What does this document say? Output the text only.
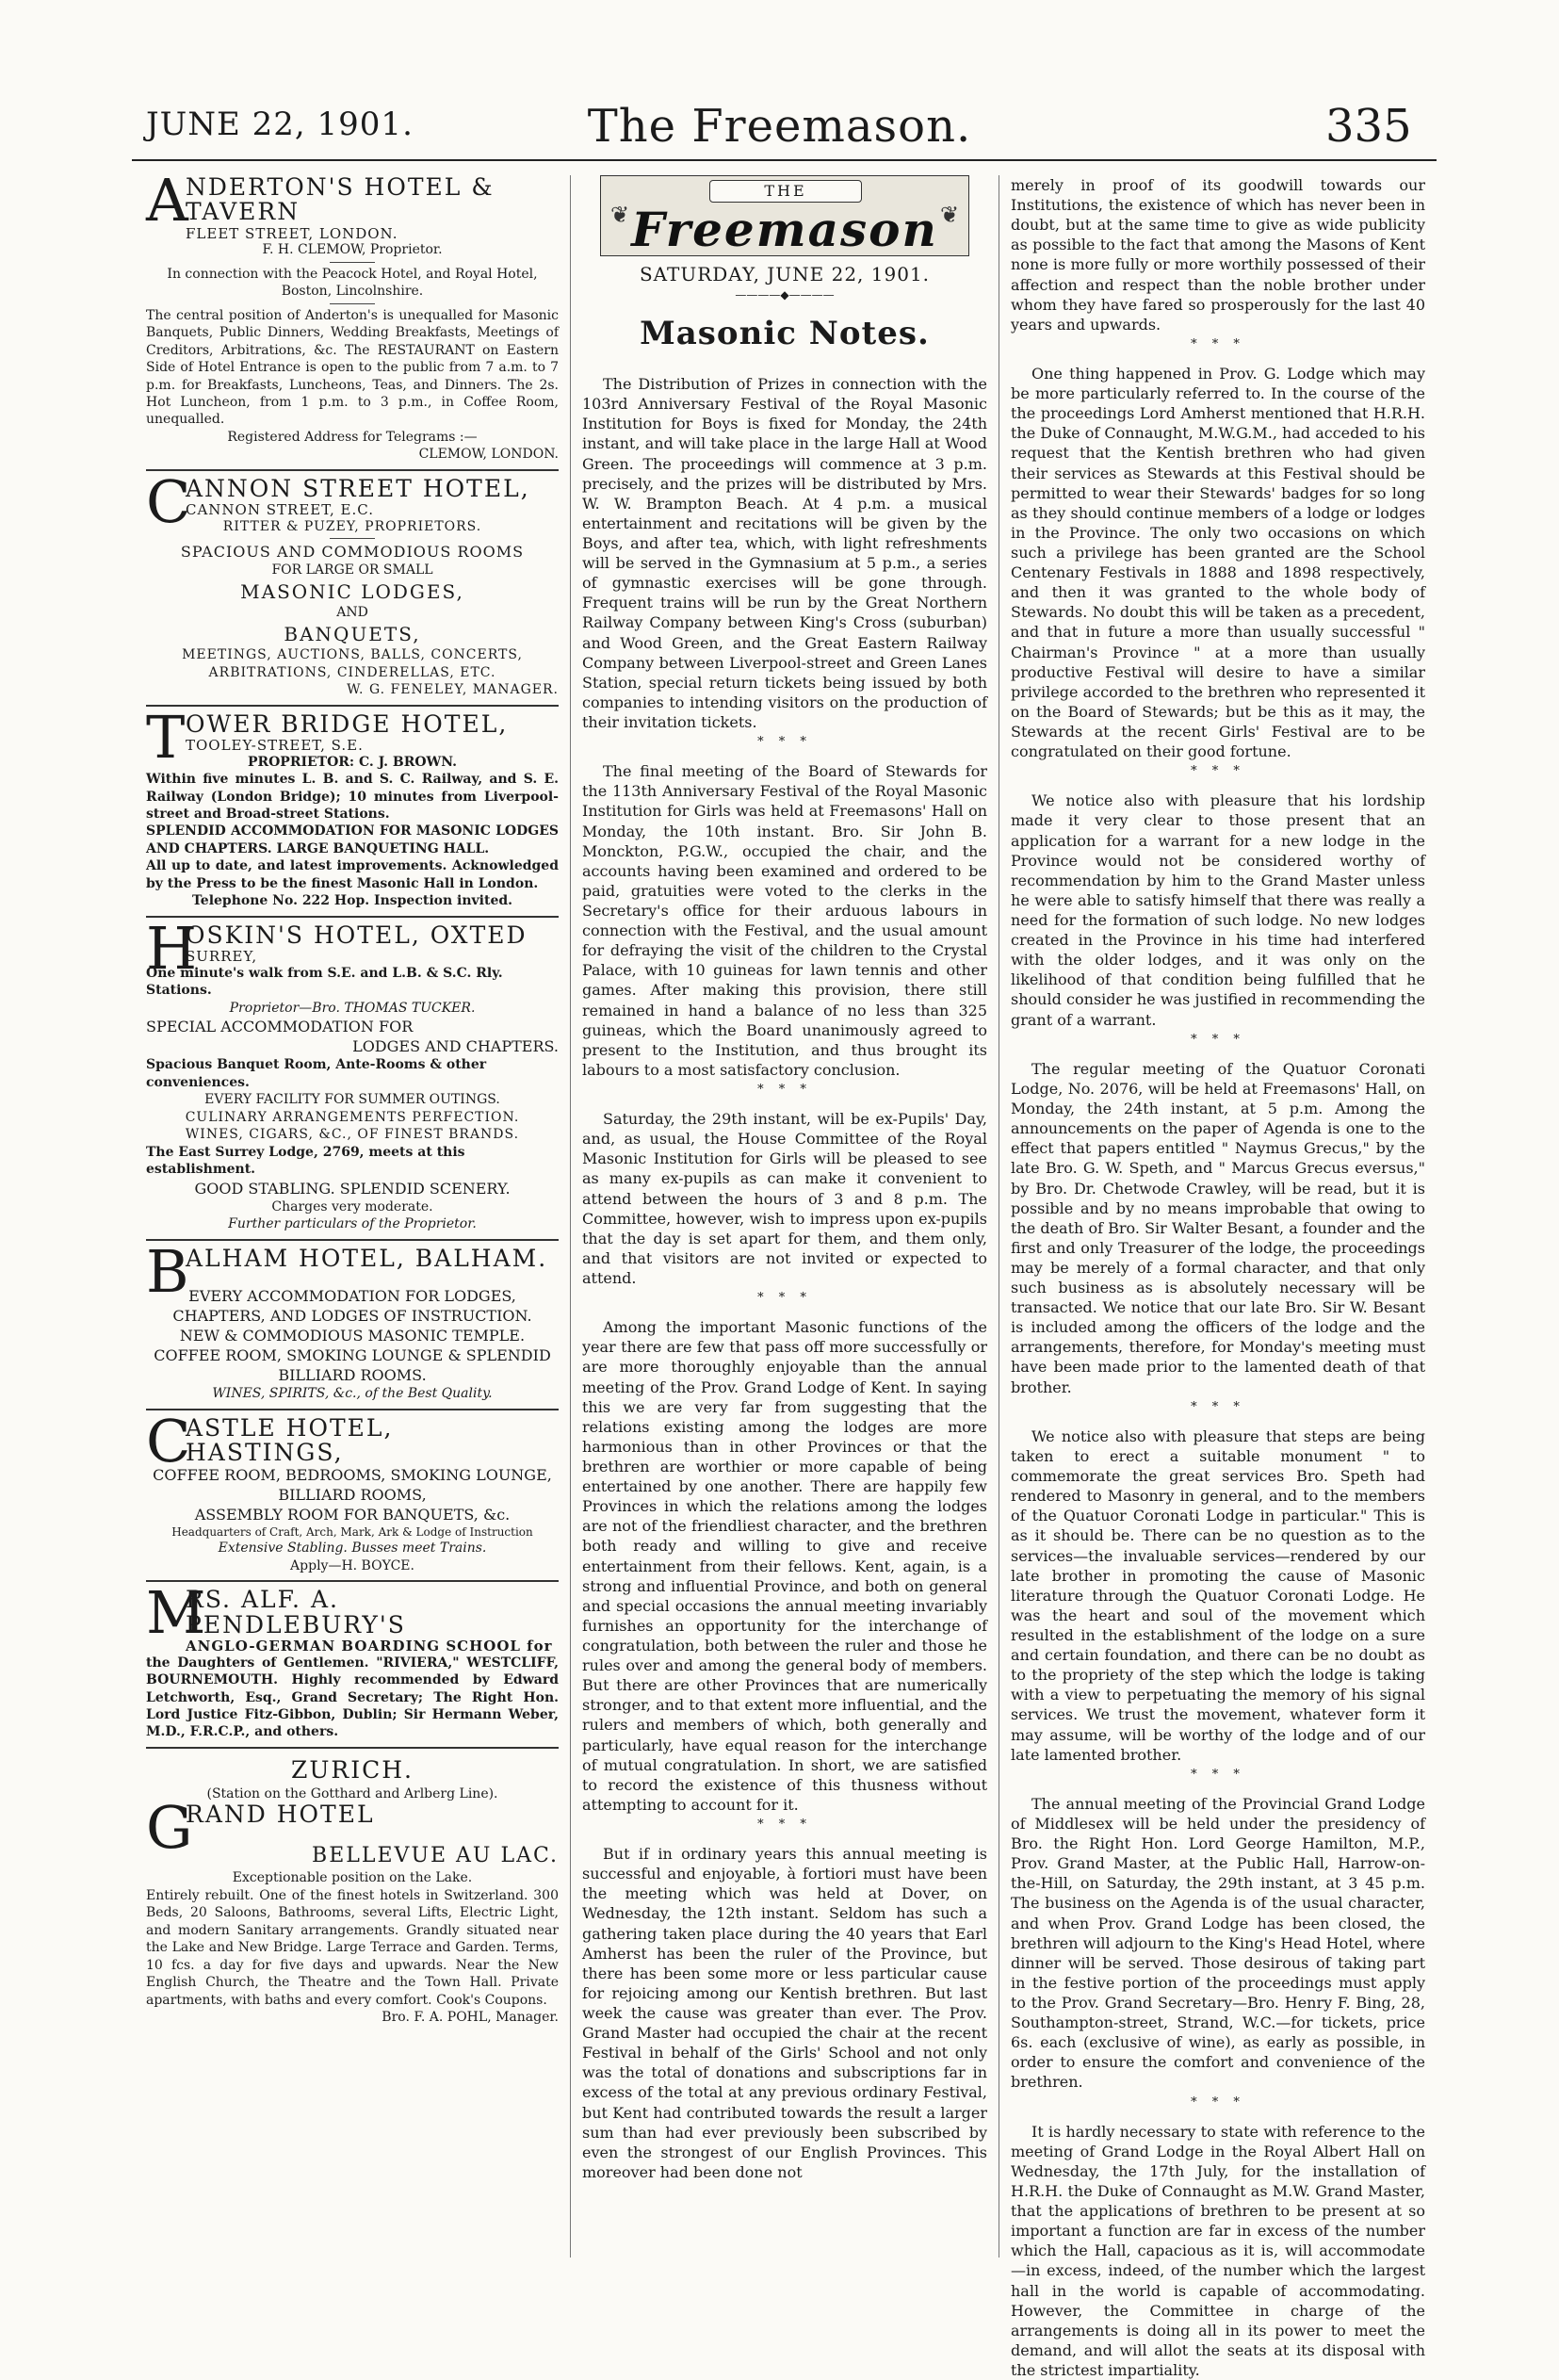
JUNE 22, 1901.	The Freemason.	335
A
NDERTON'S HOTEL & TAVERN
FLEET STREET, LONDON.
F. H. CLEMOW, Proprietor.
In connection with the Peacock Hotel, and Royal Hotel, Boston, Lincolnshire.
The central position of Anderton's is unequalled for Masonic Banquets, Public Dinners, Wedding Breakfasts, Meetings of Creditors, Arbitrations, &c. The RESTAURANT on Eastern Side of Hotel Entrance is open to the public from 7 a.m. to 7 p.m. for Breakfasts, Luncheons, Teas, and Dinners. The 2s. Hot Luncheon, from 1 p.m. to 3 p.m., in Coffee Room, unequalled.
Registered Address for Telegrams :—
CLEMOW, LONDON.
C
ANNON STREET HOTEL,
CANNON STREET, E.C.
RITTER & PUZEY, PROPRIETORS.
SPACIOUS AND COMMODIOUS ROOMS
FOR LARGE OR SMALL
MASONIC LODGES,
AND
BANQUETS,
MEETINGS, AUCTIONS, BALLS, CONCERTS, ARBITRATIONS, CINDERELLAS, ETC.
W. G. FENELEY, MANAGER.
T OWER BRIDGE HOTEL,
TOOLEY-STREET, S.E.
PROPRIETOR: C. J. BROWN.
Within five minutes L. B. and S. C. Railway, and S. E. Railway (London Bridge); 10 minutes from Liverpool-street and Broad-street Stations.
SPLENDID ACCOMMODATION FOR MASONIC LODGES AND CHAPTERS. LARGE BANQUETING HALL.
All up to date, and latest improvements. Acknowledged by the Press to be the finest Masonic Hall in London.
Telephone No. 222 Hop. Inspection invited.
H
OSKIN'S HOTEL, OXTED
SURREY,
One minute's walk from S.E. and L.B. & S.C. Rly. Stations.
Proprietor—Bro. THOMAS TUCKER.
SPECIAL ACCOMMODATION FOR
LODGES AND CHAPTERS.
Spacious Banquet Room, Ante-Rooms & other conveniences.
EVERY FACILITY FOR SUMMER OUTINGS.
CULINARY ARRANGEMENTS PERFECTION.
WINES, CIGARS, &C., OF FINEST BRANDS.
The East Surrey Lodge, 2769, meets at this establishment.
GOOD STABLING. SPLENDID SCENERY.
Charges very moderate.
Further particulars of the Proprietor.
B
ALHAM HOTEL, BALHAM.
EVERY ACCOMMODATION FOR LODGES,
CHAPTERS, AND LODGES OF INSTRUCTION.
NEW & COMMODIOUS MASONIC TEMPLE.
COFFEE ROOM, SMOKING LOUNGE & SPLENDID
BILLIARD ROOMS.
WINES, SPIRITS, &c., of the Best Quality.
C
ASTLE HOTEL, HASTINGS,
COFFEE ROOM, BEDROOMS, SMOKING LOUNGE,
BILLIARD ROOMS,
ASSEMBLY ROOM FOR BANQUETS, &c.
Headquarters of Craft, Arch, Mark, Ark & Lodge of Instruction
Extensive Stabling. Busses meet Trains.
Apply—H. BOYCE.
M
RS. ALF. A. PENDLEBURY'S
ANGLO-GERMAN BOARDING SCHOOL for
the Daughters of Gentlemen. "RIVIERA," WESTCLIFF, BOURNEMOUTH. Highly recommended by Edward Letchworth, Esq., Grand Secretary; The Right Hon. Lord Justice Fitz-Gibbon, Dublin; Sir Hermann Weber, M.D., F.R.C.P., and others.
ZURICH.
(Station on the Gotthard and Arlberg Line).
G
RAND HOTEL
BELLEVUE AU LAC.
Exceptionable position on the Lake.
Entirely rebuilt. One of the finest hotels in Switzerland. 300 Beds, 20 Saloons, Bathrooms, several Lifts, Electric Light, and modern Sanitary arrangements. Grandly situated near the Lake and New Bridge. Large Terrace and Garden. Terms, 10 fcs. a day for five days and upwards. Near the New English Church, the Theatre and the Town Hall. Private apartments, with baths and every comfort. Cook's Coupons.
Bro. F. A. POHL, Manager.
❦	❦
THE
Freemason
SATURDAY, JUNE 22, 1901.
————◆————
Masonic Notes.

The Distribution of Prizes in connection with the 103rd Anniversary Festival of the Royal Masonic Institution for Boys is fixed for Monday, the 24th instant, and will take place in the large Hall at Wood Green. The proceedings will commence at 3 p.m. precisely, and the prizes will be distributed by Mrs. W. W. Brampton Beach. At 4 p.m. a musical entertainment and recitations will be given by the Boys, and after tea, which, with light refreshments will be served in the Gymnasium at 5 p.m., a series of gymnastic exercises will be gone through. Frequent trains will be run by the Great Northern Railway Company between King's Cross (suburban) and Wood Green, and the Great Eastern Railway Company between Liverpool-street and Green Lanes Station, special return tickets being issued by both companies to intending visitors on the production of their invitation tickets.

* * *

The final meeting of the Board of Stewards for the 113th Anniversary Festival of the Royal Masonic Institution for Girls was held at Freemasons' Hall on Monday, the 10th instant. Bro. Sir John B. Monckton, P.G.W., occupied the chair, and the accounts having been examined and ordered to be paid, gratuities were voted to the clerks in the Secretary's office for their arduous labours in connection with the Festival, and the usual amount for defraying the visit of the children to the Crystal Palace, with 10 guineas for lawn tennis and other games. After making this provision, there still remained in hand a balance of no less than 325 guineas, which the Board unanimously agreed to present to the Institution, and thus brought its labours to a most satisfactory conclusion.

* * *

Saturday, the 29th instant, will be ex-Pupils' Day, and, as usual, the House Committee of the Royal Masonic Institution for Girls will be pleased to see as many ex-pupils as can make it convenient to attend between the hours of 3 and 8 p.m. The Committee, however, wish to impress upon ex-pupils that the day is set apart for them, and them only, and that visitors are not invited or expected to attend.

* * *

Among the important Masonic functions of the year there are few that pass off more successfully or are more thoroughly enjoyable than the annual meeting of the Prov. Grand Lodge of Kent. In saying this we are very far from suggesting that the relations existing among the lodges are more harmonious than in other Provinces or that the brethren are worthier or more capable of being entertained by one another. There are happily few Provinces in which the relations among the lodges are not of the friendliest character, and the brethren both ready and willing to give and receive entertainment from their fellows. Kent, again, is a strong and influential Province, and both on general and special occasions the annual meeting invariably furnishes an opportunity for the interchange of congratulation, both between the ruler and those he rules over and among the general body of members. But there are other Provinces that are numerically stronger, and to that extent more influential, and the rulers and members of which, both generally and particularly, have equal reason for the interchange of mutual congratulation. In short, we are satisfied to record the existence of this thusness without attempting to account for it.

* * *

But if in ordinary years this annual meeting is successful and enjoyable, à fortiori must have been the meeting which was held at Dover, on Wednesday, the 12th instant. Seldom has such a gathering taken place during the 40 years that Earl Amherst has been the ruler of the Province, but there has been some more or less particular cause for rejoicing among our Kentish brethren. But last week the cause was greater than ever. The Prov. Grand Master had occupied the chair at the recent Festival in behalf of the Girls' School and not only was the total of donations and subscriptions far in excess of the total at any previous ordinary Festival, but Kent had contributed towards the result a larger sum than had ever previously been subscribed by even the strongest of our English Provinces. This moreover had been done not

merely in proof of its goodwill towards our Institutions, the existence of which has never been in doubt, but at the same time to give as wide publicity as possible to the fact that among the Masons of Kent none is more fully or more worthily possessed of their affection and respect than the noble brother under whom they have fared so prosperously for the last 40 years and upwards.

* * *

One thing happened in Prov. G. Lodge which may be more particularly referred to. In the course of the the proceedings Lord Amherst mentioned that H.R.H. the Duke of Connaught, M.W.G.M., had acceded to his request that the Kentish brethren who had given their services as Stewards at this Festival should be permitted to wear their Stewards' badges for so long as they should continue members of a lodge or lodges in the Province. The only two occasions on which such a privilege has been granted are the School Centenary Festivals in 1888 and 1898 respectively, and then it was granted to the whole body of Stewards. No doubt this will be taken as a precedent, and that in future a more than usually successful " Chairman's Province " at a more than usually productive Festival will desire to have a similar privilege accorded to the brethren who represented it on the Board of Stewards; but be this as it may, the Stewards at the recent Girls' Festival are to be congratulated on their good fortune.

* * *

We notice also with pleasure that his lordship made it very clear to those present that an application for a warrant for a new lodge in the Province would not be considered worthy of recommendation by him to the Grand Master unless he were able to satisfy himself that there was really a need for the formation of such lodge. No new lodges created in the Province in his time had interfered with the older lodges, and it was only on the likelihood of that condition being fulfilled that he should consider he was justified in recommending the grant of a warrant.

* * *

The regular meeting of the Quatuor Coronati Lodge, No. 2076, will be held at Freemasons' Hall, on Monday, the 24th instant, at 5 p.m. Among the announcements on the paper of Agenda is one to the effect that papers entitled " Naymus Grecus," by the late Bro. G. W. Speth, and " Marcus Grecus eversus," by Bro. Dr. Chetwode Crawley, will be read, but it is possible and by no means improbable that owing to the death of Bro. Sir Walter Besant, a founder and the first and only Treasurer of the lodge, the proceedings may be merely of a formal character, and that only such business as is absolutely necessary will be transacted. We notice that our late Bro. Sir W. Besant is included among the officers of the lodge and the arrangements, therefore, for Monday's meeting must have been made prior to the lamented death of that brother.

* * *

We notice also with pleasure that steps are being taken to erect a suitable monument " to commemorate the great services Bro. Speth had rendered to Masonry in general, and to the members of the Quatuor Coronati Lodge in particular." This is as it should be. There can be no question as to the services—the invaluable services—rendered by our late brother in promoting the cause of Masonic literature through the Quatuor Coronati Lodge. He was the heart and soul of the movement which resulted in the establishment of the lodge on a sure and certain foundation, and there can be no doubt as to the propriety of the step which the lodge is taking with a view to perpetuating the memory of his signal services. We trust the movement, whatever form it may assume, will be worthy of the lodge and of our late lamented brother.

* * *

The annual meeting of the Provincial Grand Lodge of Middlesex will be held under the presidency of Bro. the Right Hon. Lord George Hamilton, M.P., Prov. Grand Master, at the Public Hall, Harrow-on-the-Hill, on Saturday, the 29th instant, at 3 45 p.m. The business on the Agenda is of the usual character, and when Prov. Grand Lodge has been closed, the brethren will adjourn to the King's Head Hotel, where dinner will be served. Those desirous of taking part in the festive portion of the proceedings must apply to the Prov. Grand Secretary—Bro. Henry F. Bing, 28, Southampton-street, Strand, W.C.—for tickets, price 6s. each (exclusive of wine), as early as possible, in order to ensure the comfort and convenience of the brethren.

* * *

It is hardly necessary to state with reference to the meeting of Grand Lodge in the Royal Albert Hall on Wednesday, the 17th July, for the installation of H.R.H. the Duke of Connaught as M.W. Grand Master, that the applications of brethren to be present at so important a function are far in excess of the number which the Hall, capacious as it is, will accommodate—in excess, indeed, of the number which the largest hall in the world is capable of accommodating. However, the Committee in charge of the arrangements is doing all in its power to meet the demand, and will allot the seats at its disposal with the strictest impartiality.
